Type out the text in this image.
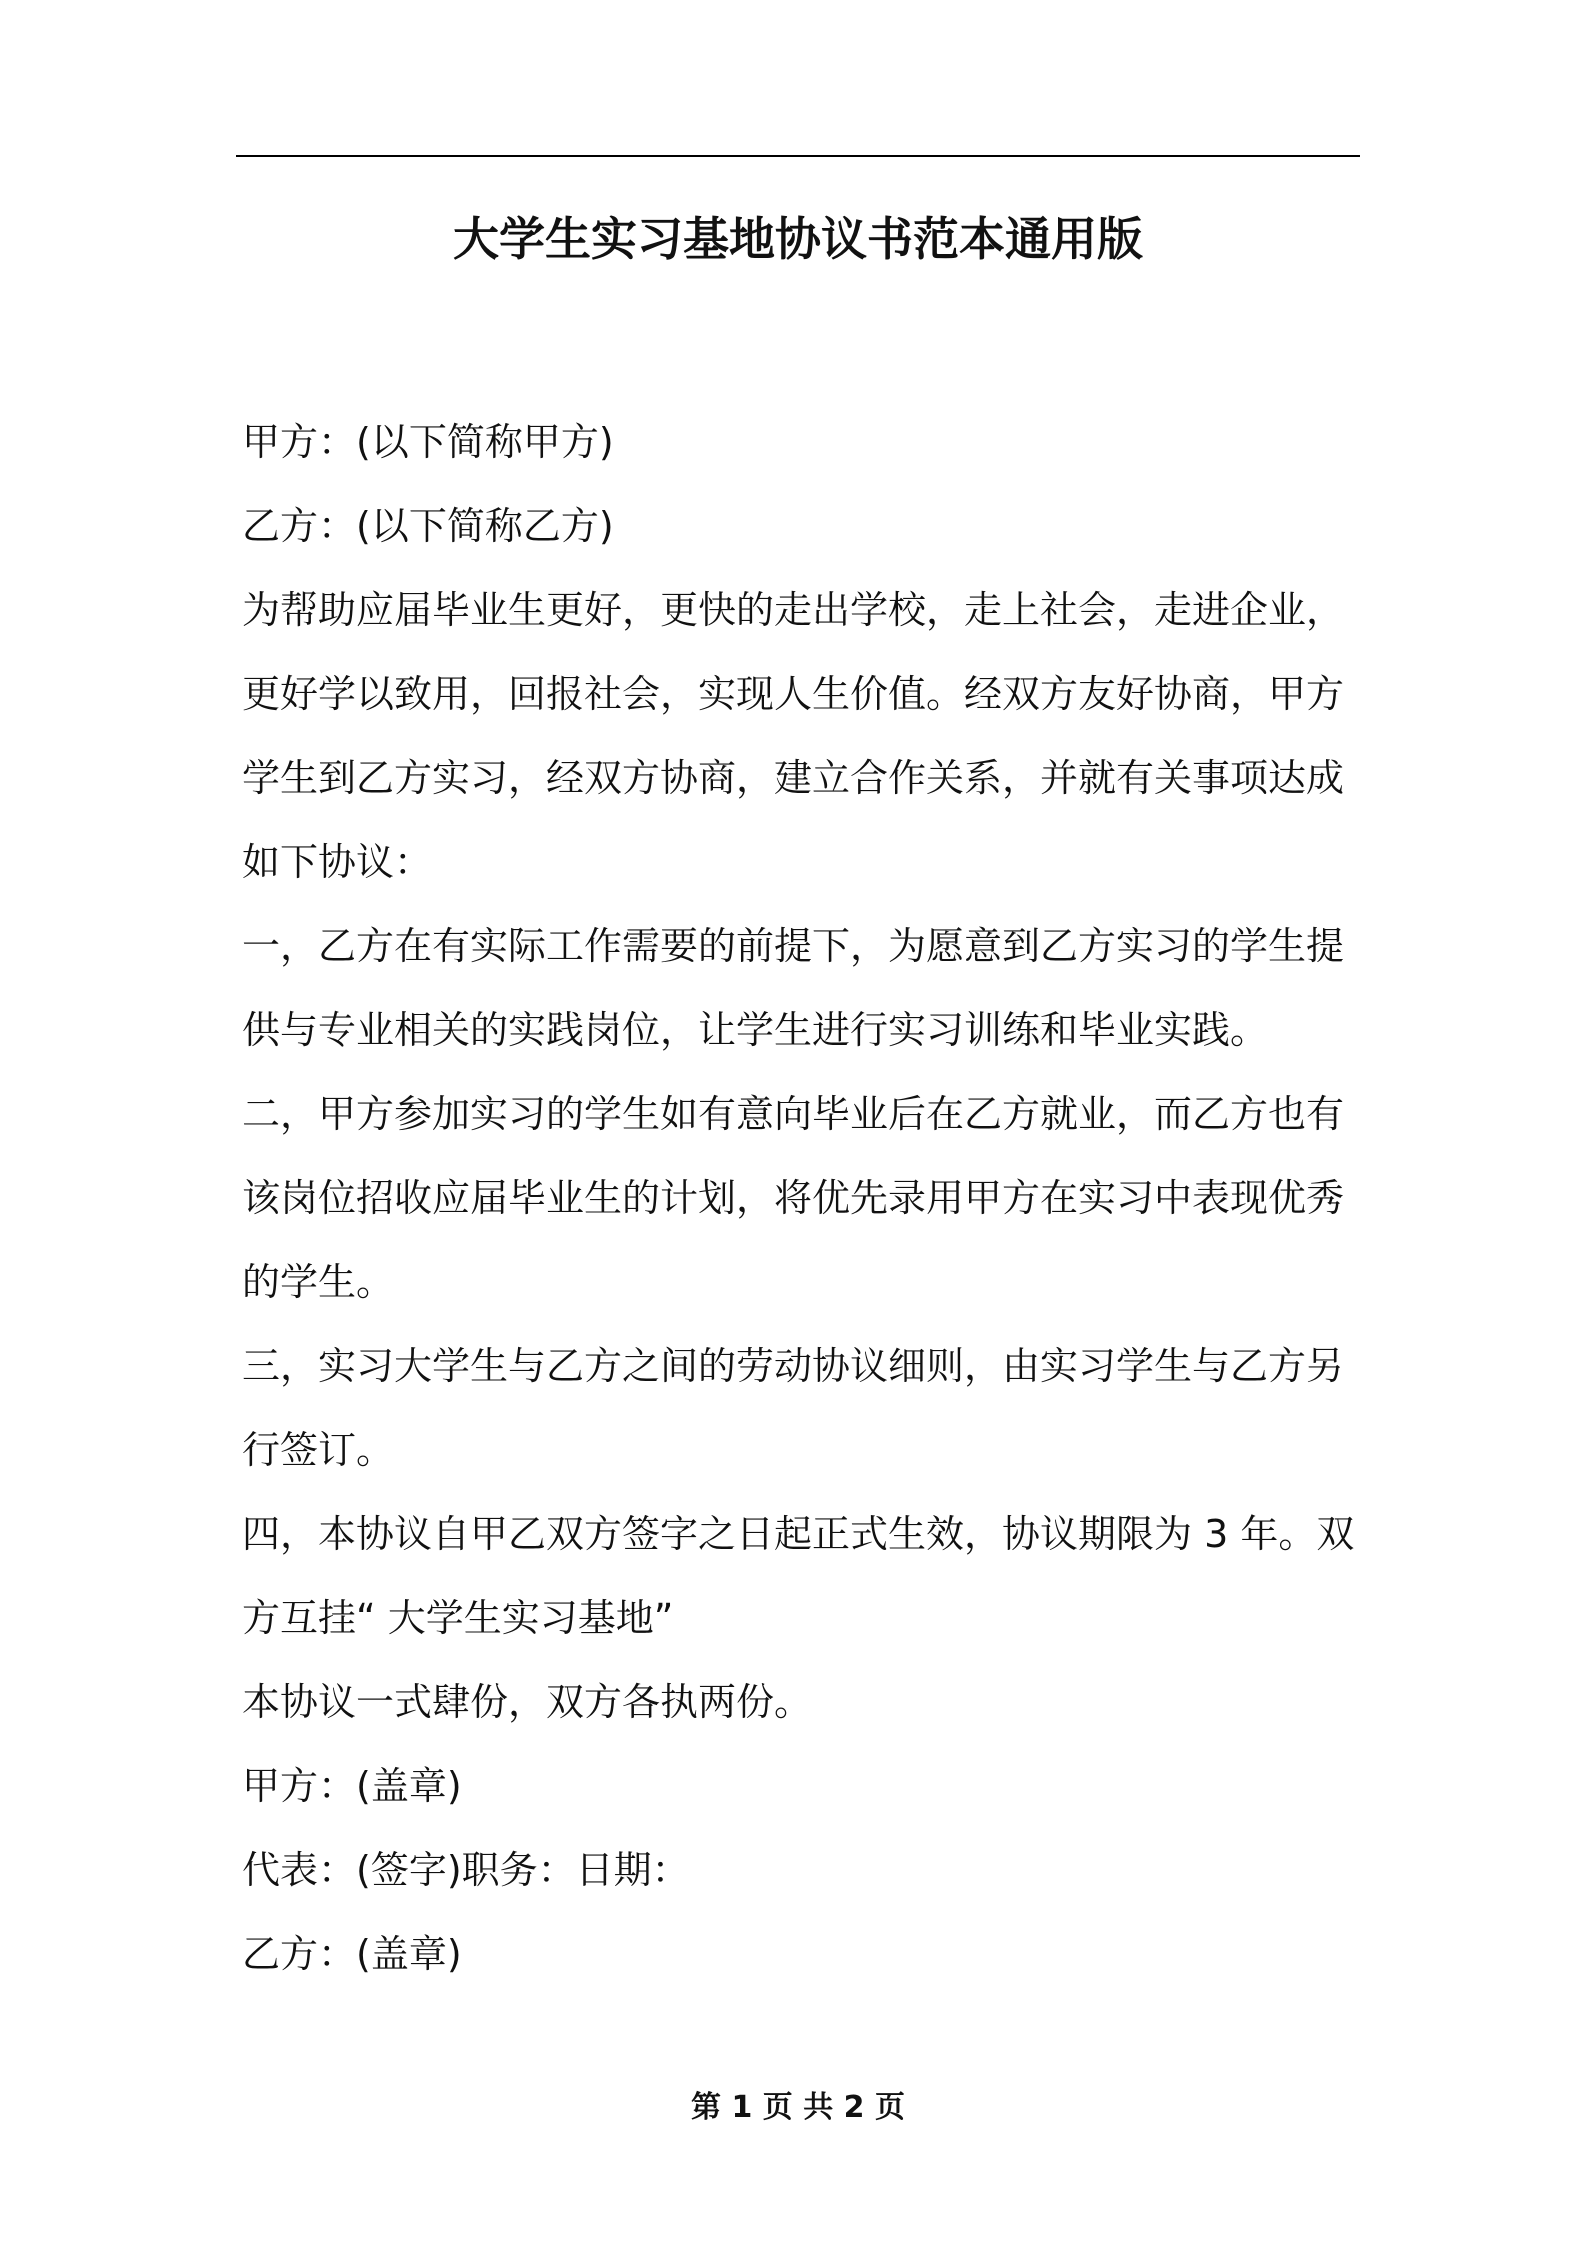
大学生实习基地协议书范本通用版

甲方：(以下简称甲方)

乙方：(以下简称乙方)

为帮助应届毕业生更好，更快的走出学校，走上社会，走进企业，更好学以致用，回报社会，实现人生价值。经双方友好协商，甲方学生到乙方实习，经双方协商，建立合作关系，并就有关事项达成如下协议：

一，乙方在有实际工作需要的前提下，为愿意到乙方实习的学生提供与专业相关的实践岗位，让学生进行实习训练和毕业实践。

二，甲方参加实习的学生如有意向毕业后在乙方就业，而乙方也有该岗位招收应届毕业生的计划，将优先录用甲方在实习中表现优秀的学生。

三，实习大学生与乙方之间的劳动协议细则，由实习学生与乙方另行签订。

四，本协议自甲乙双方签字之日起正式生效，协议期限为 3 年。双方互挂“ 大学生实习基地”

本协议一式肆份，双方各执两份。

甲方：(盖章)

代表：(签字)职务：日期：

乙方：(盖章)

第 1 页 共 2 页
